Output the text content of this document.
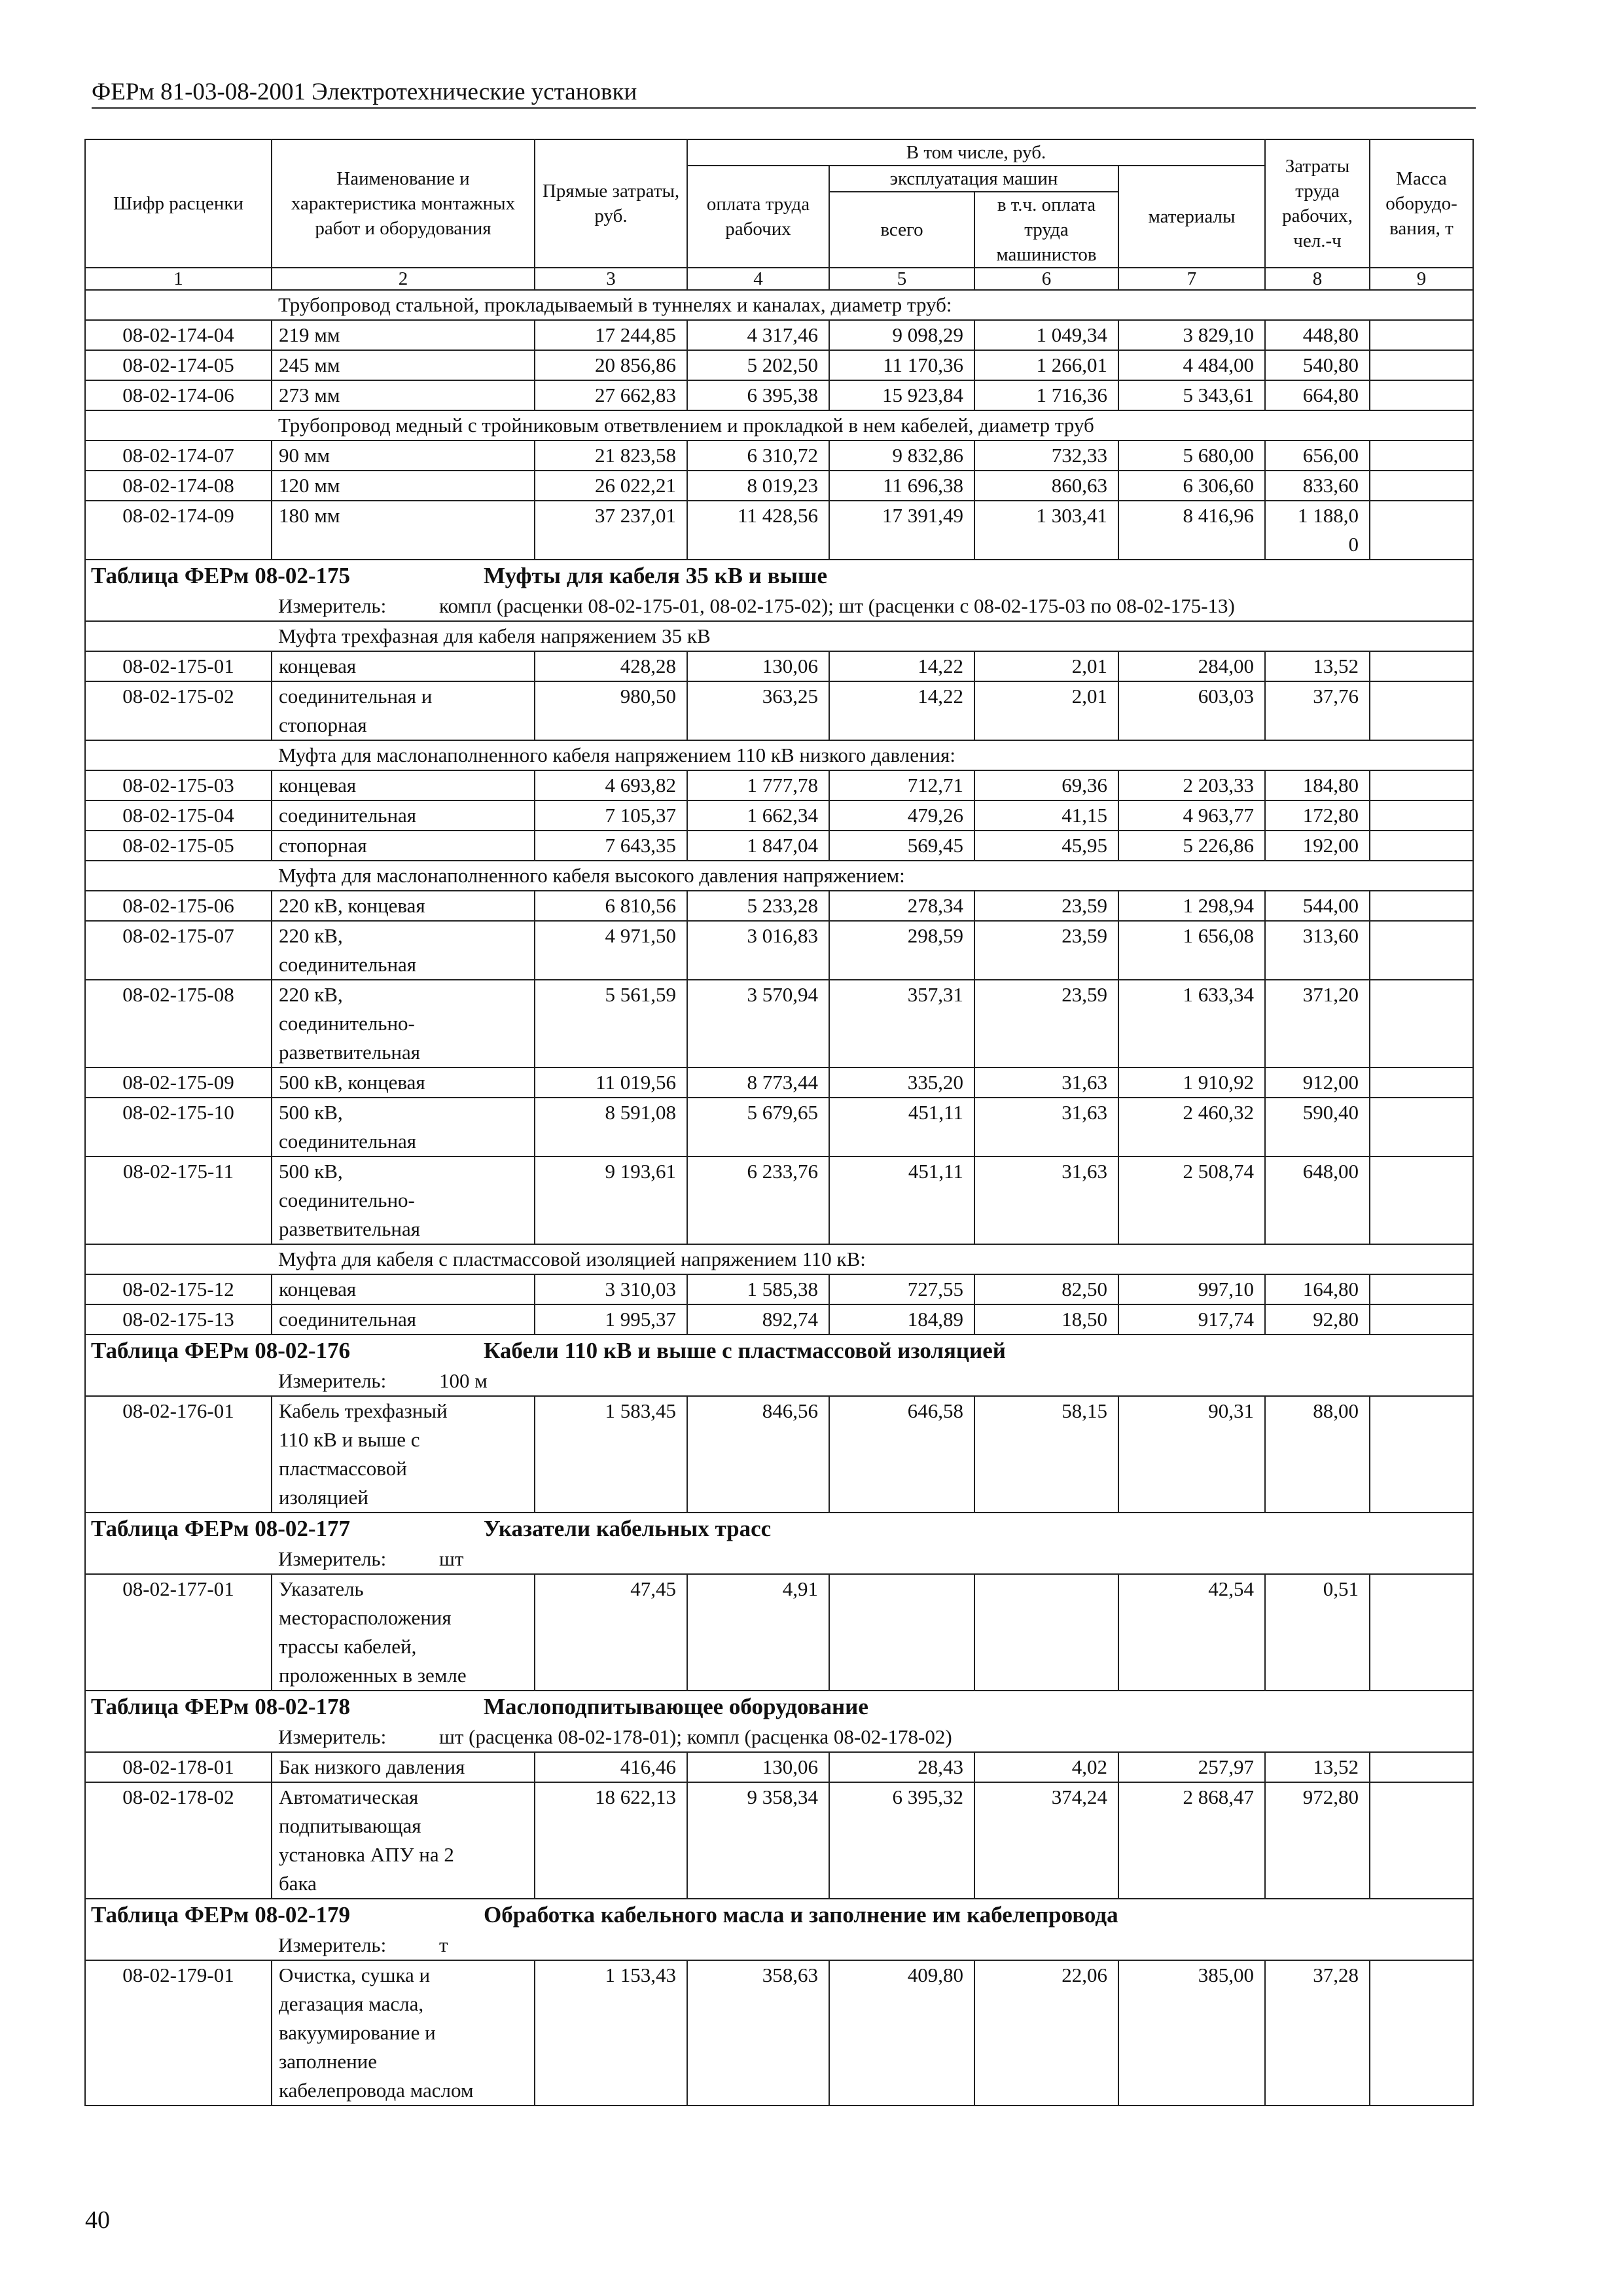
ФЕРм 81-03-08-2001 Электротехнические установки
Шифр расценки	Наименование и характеристика монтажных работ и оборудования	Прямые затраты, руб.	В том числе, руб.				Затраты труда рабочих, чел.-ч	Масса оборудо-вания, т
			оплата труда рабочих	эксплуатация машин		материалы		
				всего	в т.ч. оплата труда машинистов			
1	2	3	4	5	6	7	8	9
Трубопровод стальной, прокладываемый в туннелях и каналах, диаметр труб:								
08-02-174-04	219 мм	17 244,85	4 317,46	9 098,29	1 049,34	3 829,10	448,80	
08-02-174-05	245 мм	20 856,86	5 202,50	11 170,36	1 266,01	4 484,00	540,80	
08-02-174-06	273 мм	27 662,83	6 395,38	15 923,84	1 716,36	5 343,61	664,80	
Трубопровод медный с тройниковым ответвлением и прокладкой в нем кабелей, диаметр труб								
08-02-174-07	90 мм	21 823,58	6 310,72	9 832,86	732,33	5 680,00	656,00	
08-02-174-08	120 мм	26 022,21	8 019,23	11 696,38	860,63	6 306,60	833,60	
08-02-174-09	180 мм	37 237,01	11 428,56	17 391,49	1 303,41	8 416,96	1 188,0
0	
Таблица ФЕРм 08-02-175 Муфты для кабеля 35 кВ и выше								
Измеритель: компл (расценки 08-02-175-01, 08-02-175-02); шт (расценки с 08-02-175-03 по 08-02-175-13)								
Муфта трехфазная для кабеля напряжением 35 кВ								
08-02-175-01	концевая	428,28	130,06	14,22	2,01	284,00	13,52	
08-02-175-02	соединительная и
стопорная	980,50	363,25	14,22	2,01	603,03	37,76	
Муфта для маслонаполненного кабеля напряжением 110 кВ низкого давления:								
08-02-175-03	концевая	4 693,82	1 777,78	712,71	69,36	2 203,33	184,80	
08-02-175-04	соединительная	7 105,37	1 662,34	479,26	41,15	4 963,77	172,80	
08-02-175-05	стопорная	7 643,35	1 847,04	569,45	45,95	5 226,86	192,00	
Муфта для маслонаполненного кабеля высокого давления напряжением:								
08-02-175-06	220 кВ, концевая	6 810,56	5 233,28	278,34	23,59	1 298,94	544,00	
08-02-175-07	220 кВ,
соединительная	4 971,50	3 016,83	298,59	23,59	1 656,08	313,60	
08-02-175-08	220 кВ,
соединительно-
разветвительная	5 561,59	3 570,94	357,31	23,59	1 633,34	371,20	
08-02-175-09	500 кВ, концевая	11 019,56	8 773,44	335,20	31,63	1 910,92	912,00	
08-02-175-10	500 кВ,
соединительная	8 591,08	5 679,65	451,11	31,63	2 460,32	590,40	
08-02-175-11	500 кВ,
соединительно-
разветвительная	9 193,61	6 233,76	451,11	31,63	2 508,74	648,00	
Муфта для кабеля с пластмассовой изоляцией напряжением 110 кВ:								
08-02-175-12	концевая	3 310,03	1 585,38	727,55	82,50	997,10	164,80	
08-02-175-13	соединительная	1 995,37	892,74	184,89	18,50	917,74	92,80	
Таблица ФЕРм 08-02-176 Кабели 110 кВ и выше с пластмассовой изоляцией								
Измеритель: 100 м								
08-02-176-01	Кабель трехфазный
110 кВ и выше с
пластмассовой
изоляцией	1 583,45	846,56	646,58	58,15	90,31	88,00	
Таблица ФЕРм 08-02-177 Указатели кабельных трасс								
Измеритель: шт								
08-02-177-01	Указатель
месторасположения
трассы кабелей,
проложенных в земле	47,45	4,91			42,54	0,51	
Таблица ФЕРм 08-02-178 Маслоподпитывающее оборудование								
Измеритель: шт (расценка 08-02-178-01); компл (расценка 08-02-178-02)								
08-02-178-01	Бак низкого давления	416,46	130,06	28,43	4,02	257,97	13,52	
08-02-178-02	Автоматическая
подпитывающая
установка АПУ на 2
бака	18 622,13	9 358,34	6 395,32	374,24	2 868,47	972,80	
Таблица ФЕРм 08-02-179 Обработка кабельного масла и заполнение им кабелепровода								
Измеритель: т								
08-02-179-01	Очистка, сушка и
дегазация масла,
вакуумирование и
заполнение
кабелепровода маслом	1 153,43	358,63	409,80	22,06	385,00	37,28	
40
